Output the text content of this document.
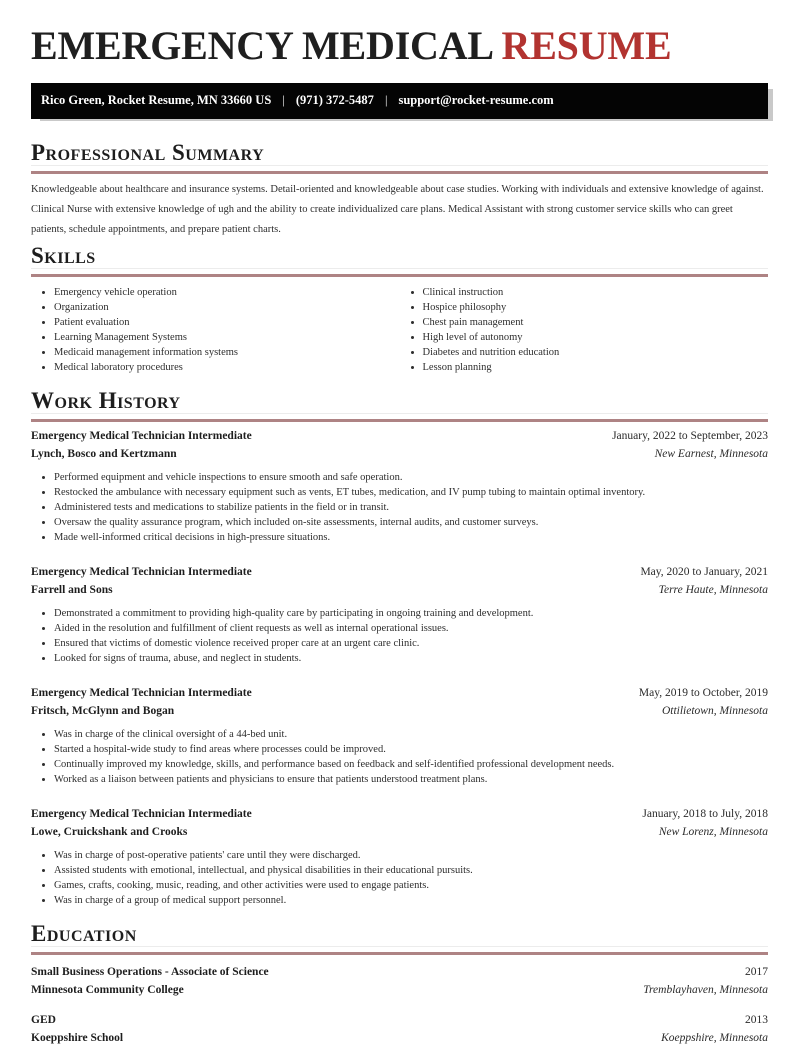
EMERGENCY MEDICAL RESUME
Rico Green, Rocket Resume, MN 33660 US | (971) 372-5487 | support@rocket-resume.com
Professional Summary

Knowledgeable about healthcare and insurance systems. Detail-oriented and knowledgeable about case studies. Working with individuals and extensive knowledge of against. Clinical Nurse with extensive knowledge of ugh and the ability to create individualized care plans. Medical Assistant with strong customer service skills who can greet patients, schedule appointments, and prepare patient charts.

Skills
• Emergency vehicle operation
• Organization
• Patient evaluation
• Learning Management Systems
• Medicaid management information systems
• Medical laboratory procedures
• Clinical instruction
• Hospice philosophy
• Chest pain management
• High level of autonomy
• Diabetes and nutrition education
• Lesson planning
Work History
Emergency Medical Technician Intermediate	January, 2022 to September, 2023
Lynch, Bosco and Kertzmann	New Earnest, Minnesota
• Performed equipment and vehicle inspections to ensure smooth and safe operation.
• Restocked the ambulance with necessary equipment such as vents, ET tubes, medication, and IV pump tubing to maintain optimal inventory.
• Administered tests and medications to stabilize patients in the field or in transit.
• Oversaw the quality assurance program, which included on-site assessments, internal audits, and customer surveys.
• Made well-informed critical decisions in high-pressure situations.
Emergency Medical Technician Intermediate	May, 2020 to January, 2021
Farrell and Sons	Terre Haute, Minnesota
• Demonstrated a commitment to providing high-quality care by participating in ongoing training and development.
• Aided in the resolution and fulfillment of client requests as well as internal operational issues.
• Ensured that victims of domestic violence received proper care at an urgent care clinic.
• Looked for signs of trauma, abuse, and neglect in students.
Emergency Medical Technician Intermediate	May, 2019 to October, 2019
Fritsch, McGlynn and Bogan	Ottilietown, Minnesota
• Was in charge of the clinical oversight of a 44-bed unit.
• Started a hospital-wide study to find areas where processes could be improved.
• Continually improved my knowledge, skills, and performance based on feedback and self-identified professional development needs.
• Worked as a liaison between patients and physicians to ensure that patients understood treatment plans.
Emergency Medical Technician Intermediate	January, 2018 to July, 2018
Lowe, Cruickshank and Crooks	New Lorenz, Minnesota
• Was in charge of post-operative patients' care until they were discharged.
• Assisted students with emotional, intellectual, and physical disabilities in their educational pursuits.
• Games, crafts, cooking, music, reading, and other activities were used to engage patients.
• Was in charge of a group of medical support personnel.
Education
Small Business Operations - Associate of Science	2017
Minnesota Community College	Tremblayhaven, Minnesota
GED	2013
Koeppshire School	Koeppshire, Minnesota
